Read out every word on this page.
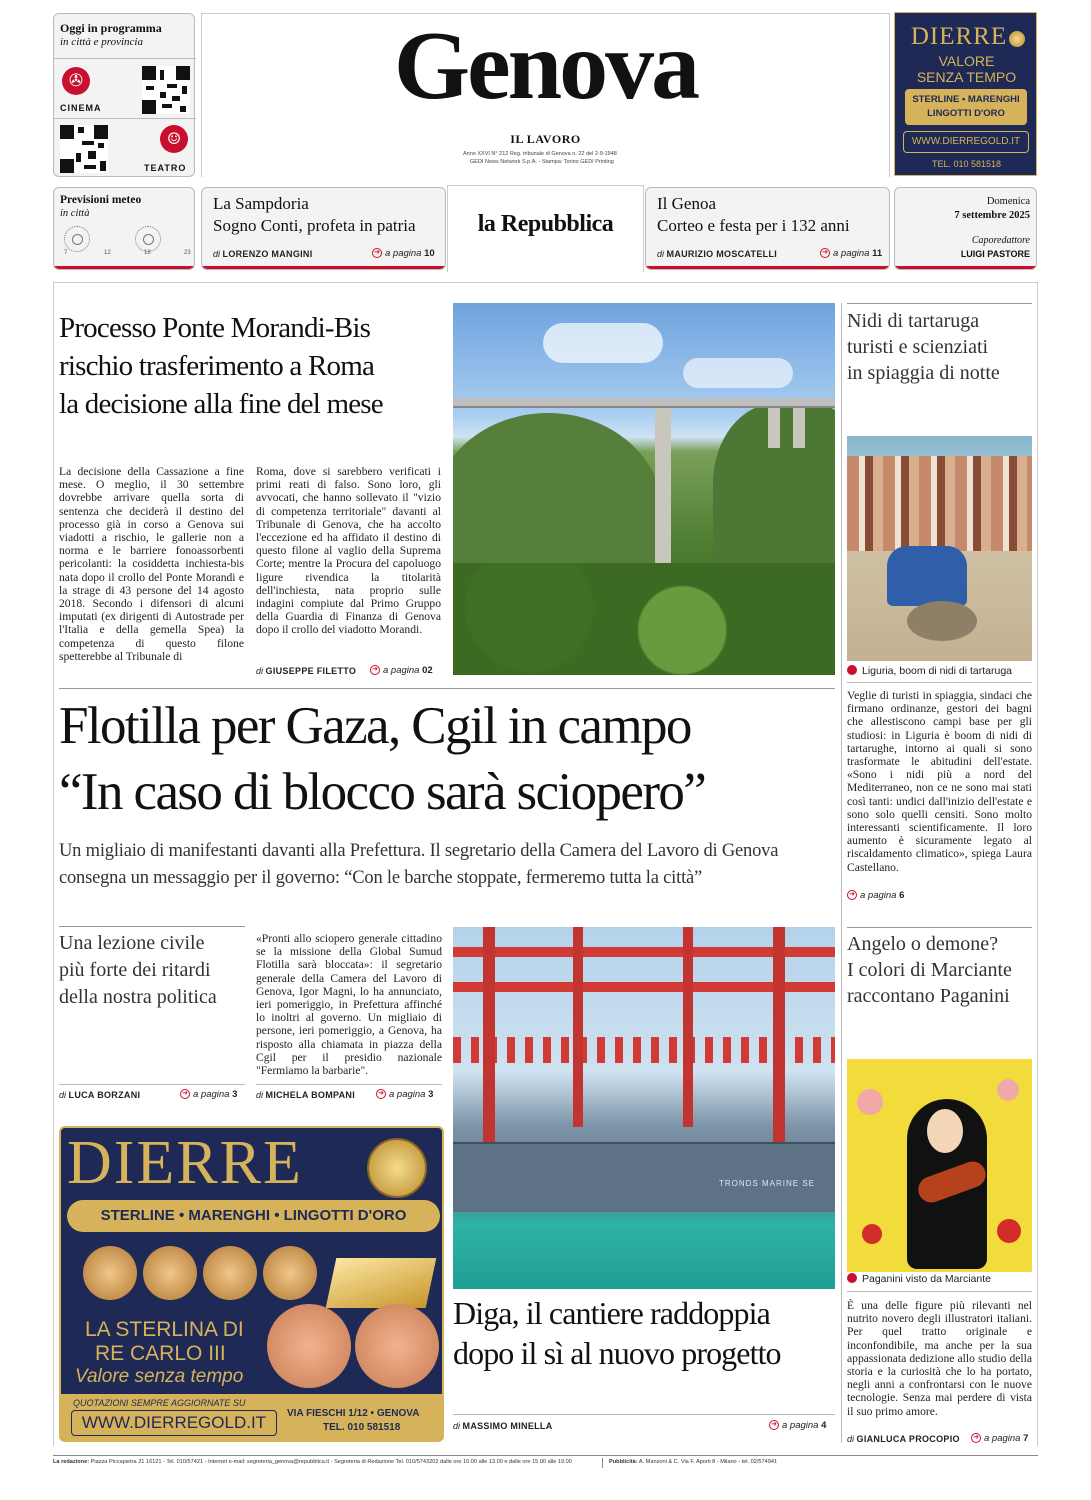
Oggi in programma
in città e provincia
✇
CINEMA
☺
TEATRO
Genova
IL LAVORO
Anno XXVI N° 212 Reg. tribunale di Genova n. 22 del 2-9-1948
GEDI News Network S.p.A. - Stampa: Torino GEDI Printing
DIERRE
VALORE
SENZA TEMPO
STERLINE • MARENGHI
LINGOTTI D'ORO
WWW.DIERREGOLD.IT
TEL. 010 581518
Previsioni meteo
in città

7	12	18	23
La Sampdoria
Sogno Conti, profeta in patria
di LORENZO MANGINI	➔ a pagina 10
la Repubblica
Il Genoa
Corteo e festa per i 132 anni
di MAURIZIO MOSCATELLI	➔ a pagina 11
Domenica
7 settembre 2025
Caporedattore
LUIGI PASTORE
Processo Ponte Morandi-Bis
rischio trasferimento a Roma
la decisione alla fine del mese
La decisione della Cassazione a fine mese. O meglio, il 30 settembre dovrebbe arrivare quella sorta di sentenza che deciderà il destino del processo già in corso a Genova sui viadotti a rischio, le gallerie non a norma e le barriere fonoassorbenti pericolanti: la cosiddetta inchiesta-bis nata dopo il crollo del Ponte Morandi e la strage di 43 persone del 14 agosto 2018. Secondo i difensori di alcuni imputati (ex dirigenti di Autostrade per l'Italia e della gemella Spea) la competenza di questo filone spetterebbe al Tribunale di
Roma, dove si sarebbero verificati i primi reati di falso. Sono loro, gli avvocati, che hanno sollevato il "vizio di competenza territoriale" davanti al Tribunale di Genova, che ha accolto l'eccezione ed ha affidato il destino di questo filone al vaglio della Suprema Corte; mentre la Procura del capoluogo ligure rivendica la titolarità dell'inchiesta, nata proprio sulle indagini compiute dal Primo Gruppo della Guardia di Finanza di Genova dopo il crollo del viadotto Morandi.
di GIUSEPPE FILETTO ➔ a pagina 02
Nidi di tartaruga
turisti e scienziati
in spiaggia di notte
Liguria, boom di nidi di tartaruga
Veglie di turisti in spiaggia, sindaci che firmano ordinanze, gestori dei bagni che allestiscono campi base per gli studiosi: in Liguria è boom di nidi di tartarughe, intorno ai quali si sono trasformate le abitudini dell'estate. «Sono i nidi più a nord del Mediterraneo, non ce ne sono mai stati così tanti: undici dall'inizio dell'estate e sono solo quelli censiti. Sono molto interessanti scientificamente. Il loro aumento è sicuramente legato al riscaldamento climatico», spiega Laura Castellano.
➔ a pagina 6
Flotilla per Gaza, Cgil in campo
“In caso di blocco sarà sciopero”
Un migliaio di manifestanti davanti alla Prefettura. Il segretario della Camera del Lavoro di Genova
consegna un messaggio per il governo: “Con le barche stoppate, fermeremo tutta la città”
Una lezione civile
più forte dei ritardi
della nostra politica
di LUCA BORZANI	➔ a pagina 3
«Pronti allo sciopero generale cittadino se la missione della Global Sumud Flotilla sarà bloccata»: il segretario generale della Camera del Lavoro di Genova, Igor Magni, lo ha annunciato, ieri pomeriggio, in Prefettura affinché lo inoltri al governo. Un migliaio di persone, ieri pomeriggio, a Genova, ha risposto alla chiamata in piazza della Cgil per il presidio nazionale "Fermiamo la barbarie".
di MICHELA BOMPANI	➔ a pagina 3
TRONDS MARINE SE
Diga, il cantiere raddoppia
dopo il sì al nuovo progetto
di MASSIMO MINELLA	➔ a pagina 4
Angelo o demone?
I colori di Marciante
raccontano Paganini
Paganini visto da Marciante
È una delle figure più rilevanti nel nutrito novero degli illustratori italiani. Per quel tratto originale e inconfondibile, ma anche per la sua appassionata dedizione allo studio della storia e la curiosità che lo ha portato, negli anni a confrontarsi con le nuove tecnologie. Senza mai perdere di vista il suo primo amore.
di GIANLUCA PROCOPIO ➔ a pagina 7
DIERRE
STERLINE • MARENGHI • LINGOTTI D'ORO
LA STERLINA DI
RE CARLO III
Valore senza tempo
QUOTAZIONI SEMPRE AGGIORNATE SU
WWW.DIERREGOLD.IT	VIA FIESCHI 1/12 • GENOVA
TEL. 010 581518
La redazione: Piazza Piccapietra 21 16121 - Tel. 010/57421 - Internet e-mail: segreteria_genova@repubblica.it - Segreteria di Redazione Tel. 010/5743202 dalle ore 10.00 alle 13.00 e dalle ore 15.00 alle 19.00	Pubblicità: A. Manzoni & C. Via F. Aporti 8 - Milano - tel. 02/574941
